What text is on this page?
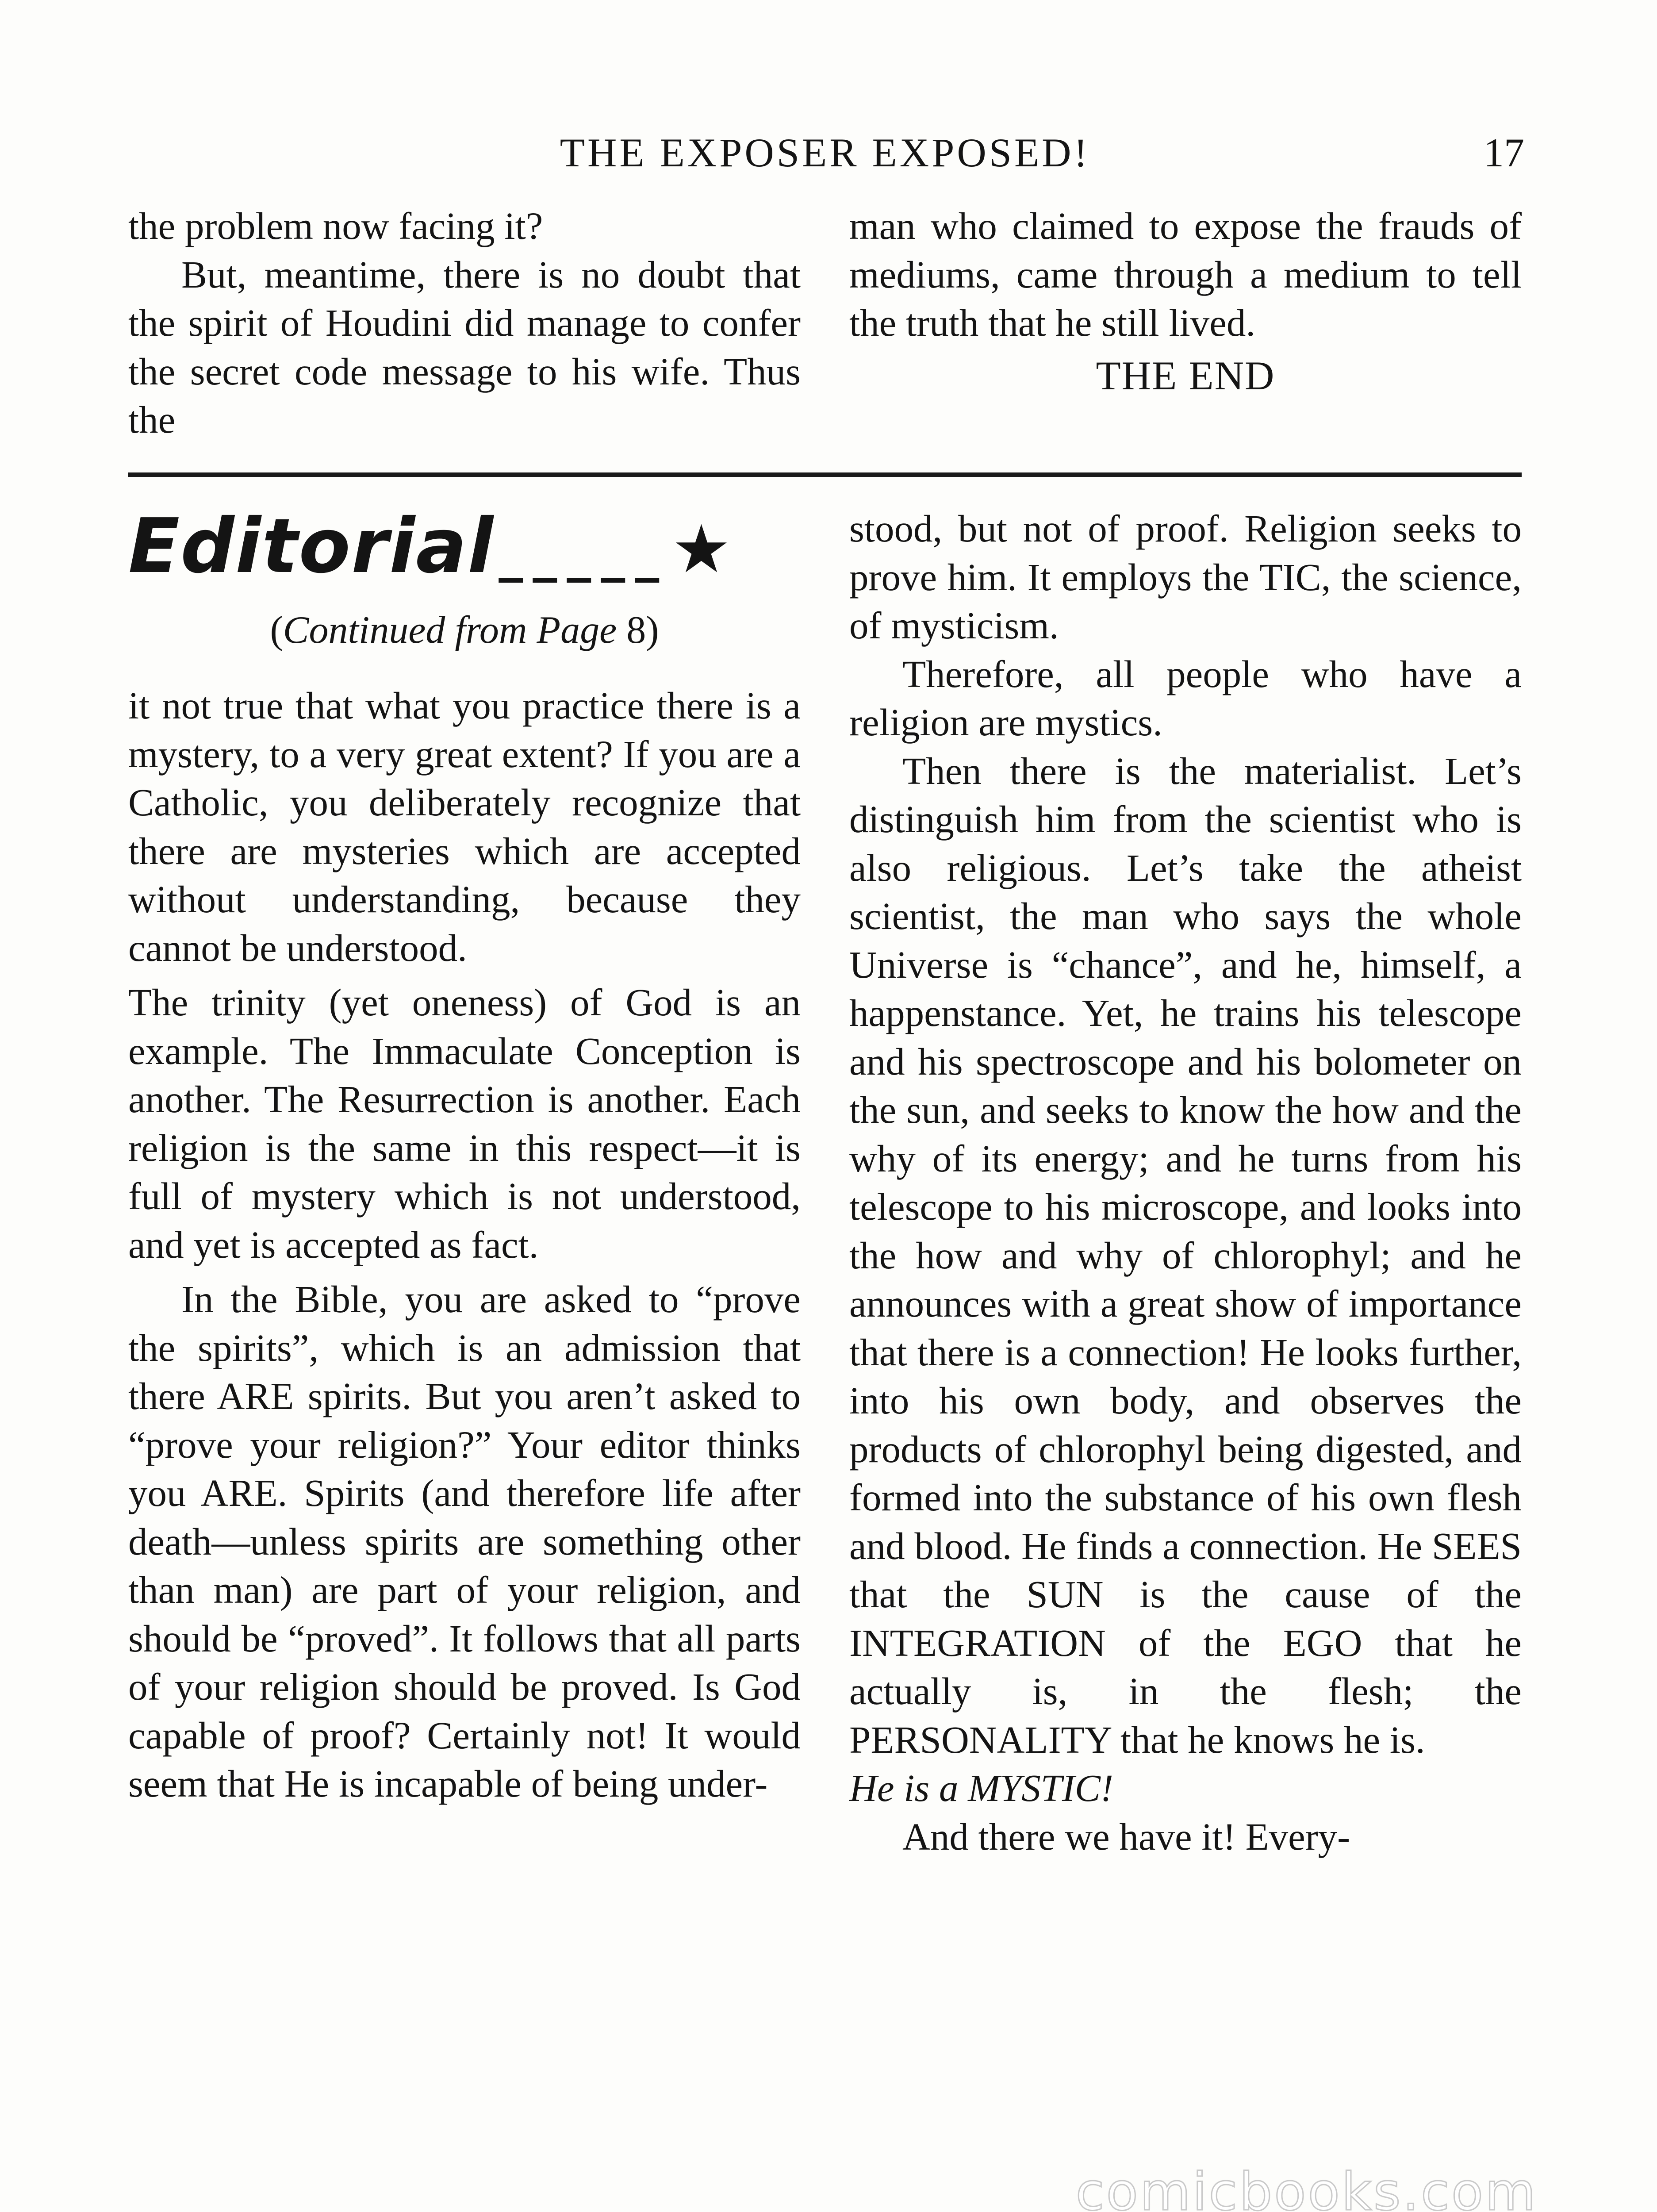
THE EXPOSER EXPOSED!	17

the problem now facing it?

But, meantime, there is no doubt that the spirit of Houdini did manage to confer the secret code message to his wife. Thus the

man who claimed to expose the frauds of mediums, came through a medium to tell the truth that he still lived.

THE END

Editorial _____ ★
(Continued from Page 8)

it not true that what you practice there is a mystery, to a very great extent? If you are a Catholic, you deliberately recognize that there are mysteries which are accepted without understanding, because they cannot be understood.

The trinity (yet oneness) of God is an example. The Immaculate Conception is another. The Resurrection is another. Each religion is the same in this respect—it is full of mystery which is not understood, and yet is accepted as fact.

In the Bible, you are asked to “prove the spirits”, which is an admission that there ARE spirits. But you aren’t asked to “prove your religion?” Your editor thinks you ARE. Spirits (and therefore life after death—unless spirits are something other than man) are part of your religion, and should be “proved”. It follows that all parts of your religion should be proved. Is God capable of proof? Certainly not! It would seem that He is incapable of being under-

stood, but not of proof. Religion seeks to prove him. It employs the TIC, the science, of mysticism.

Therefore, all people who have a religion are mystics.

Then there is the materialist. Let’s distinguish him from the scientist who is also religious. Let’s take the atheist scientist, the man who says the whole Universe is “chance”, and he, himself, a happenstance. Yet, he trains his telescope and his spectroscope and his bolometer on the sun, and seeks to know the how and the why of its energy; and he turns from his telescope to his microscope, and looks into the how and why of chlorophyl; and he announces with a great show of importance that there is a connection! He looks further, into his own body, and observes the products of chlorophyl being digested, and formed into the substance of his own flesh and blood. He finds a connection. He SEES that the SUN is the cause of the INTEGRATION of the EGO that he actually is, in the flesh; the PERSONALITY that he knows he is.

He is a MYSTIC!

And there we have it! Every-

comicbooks.com
